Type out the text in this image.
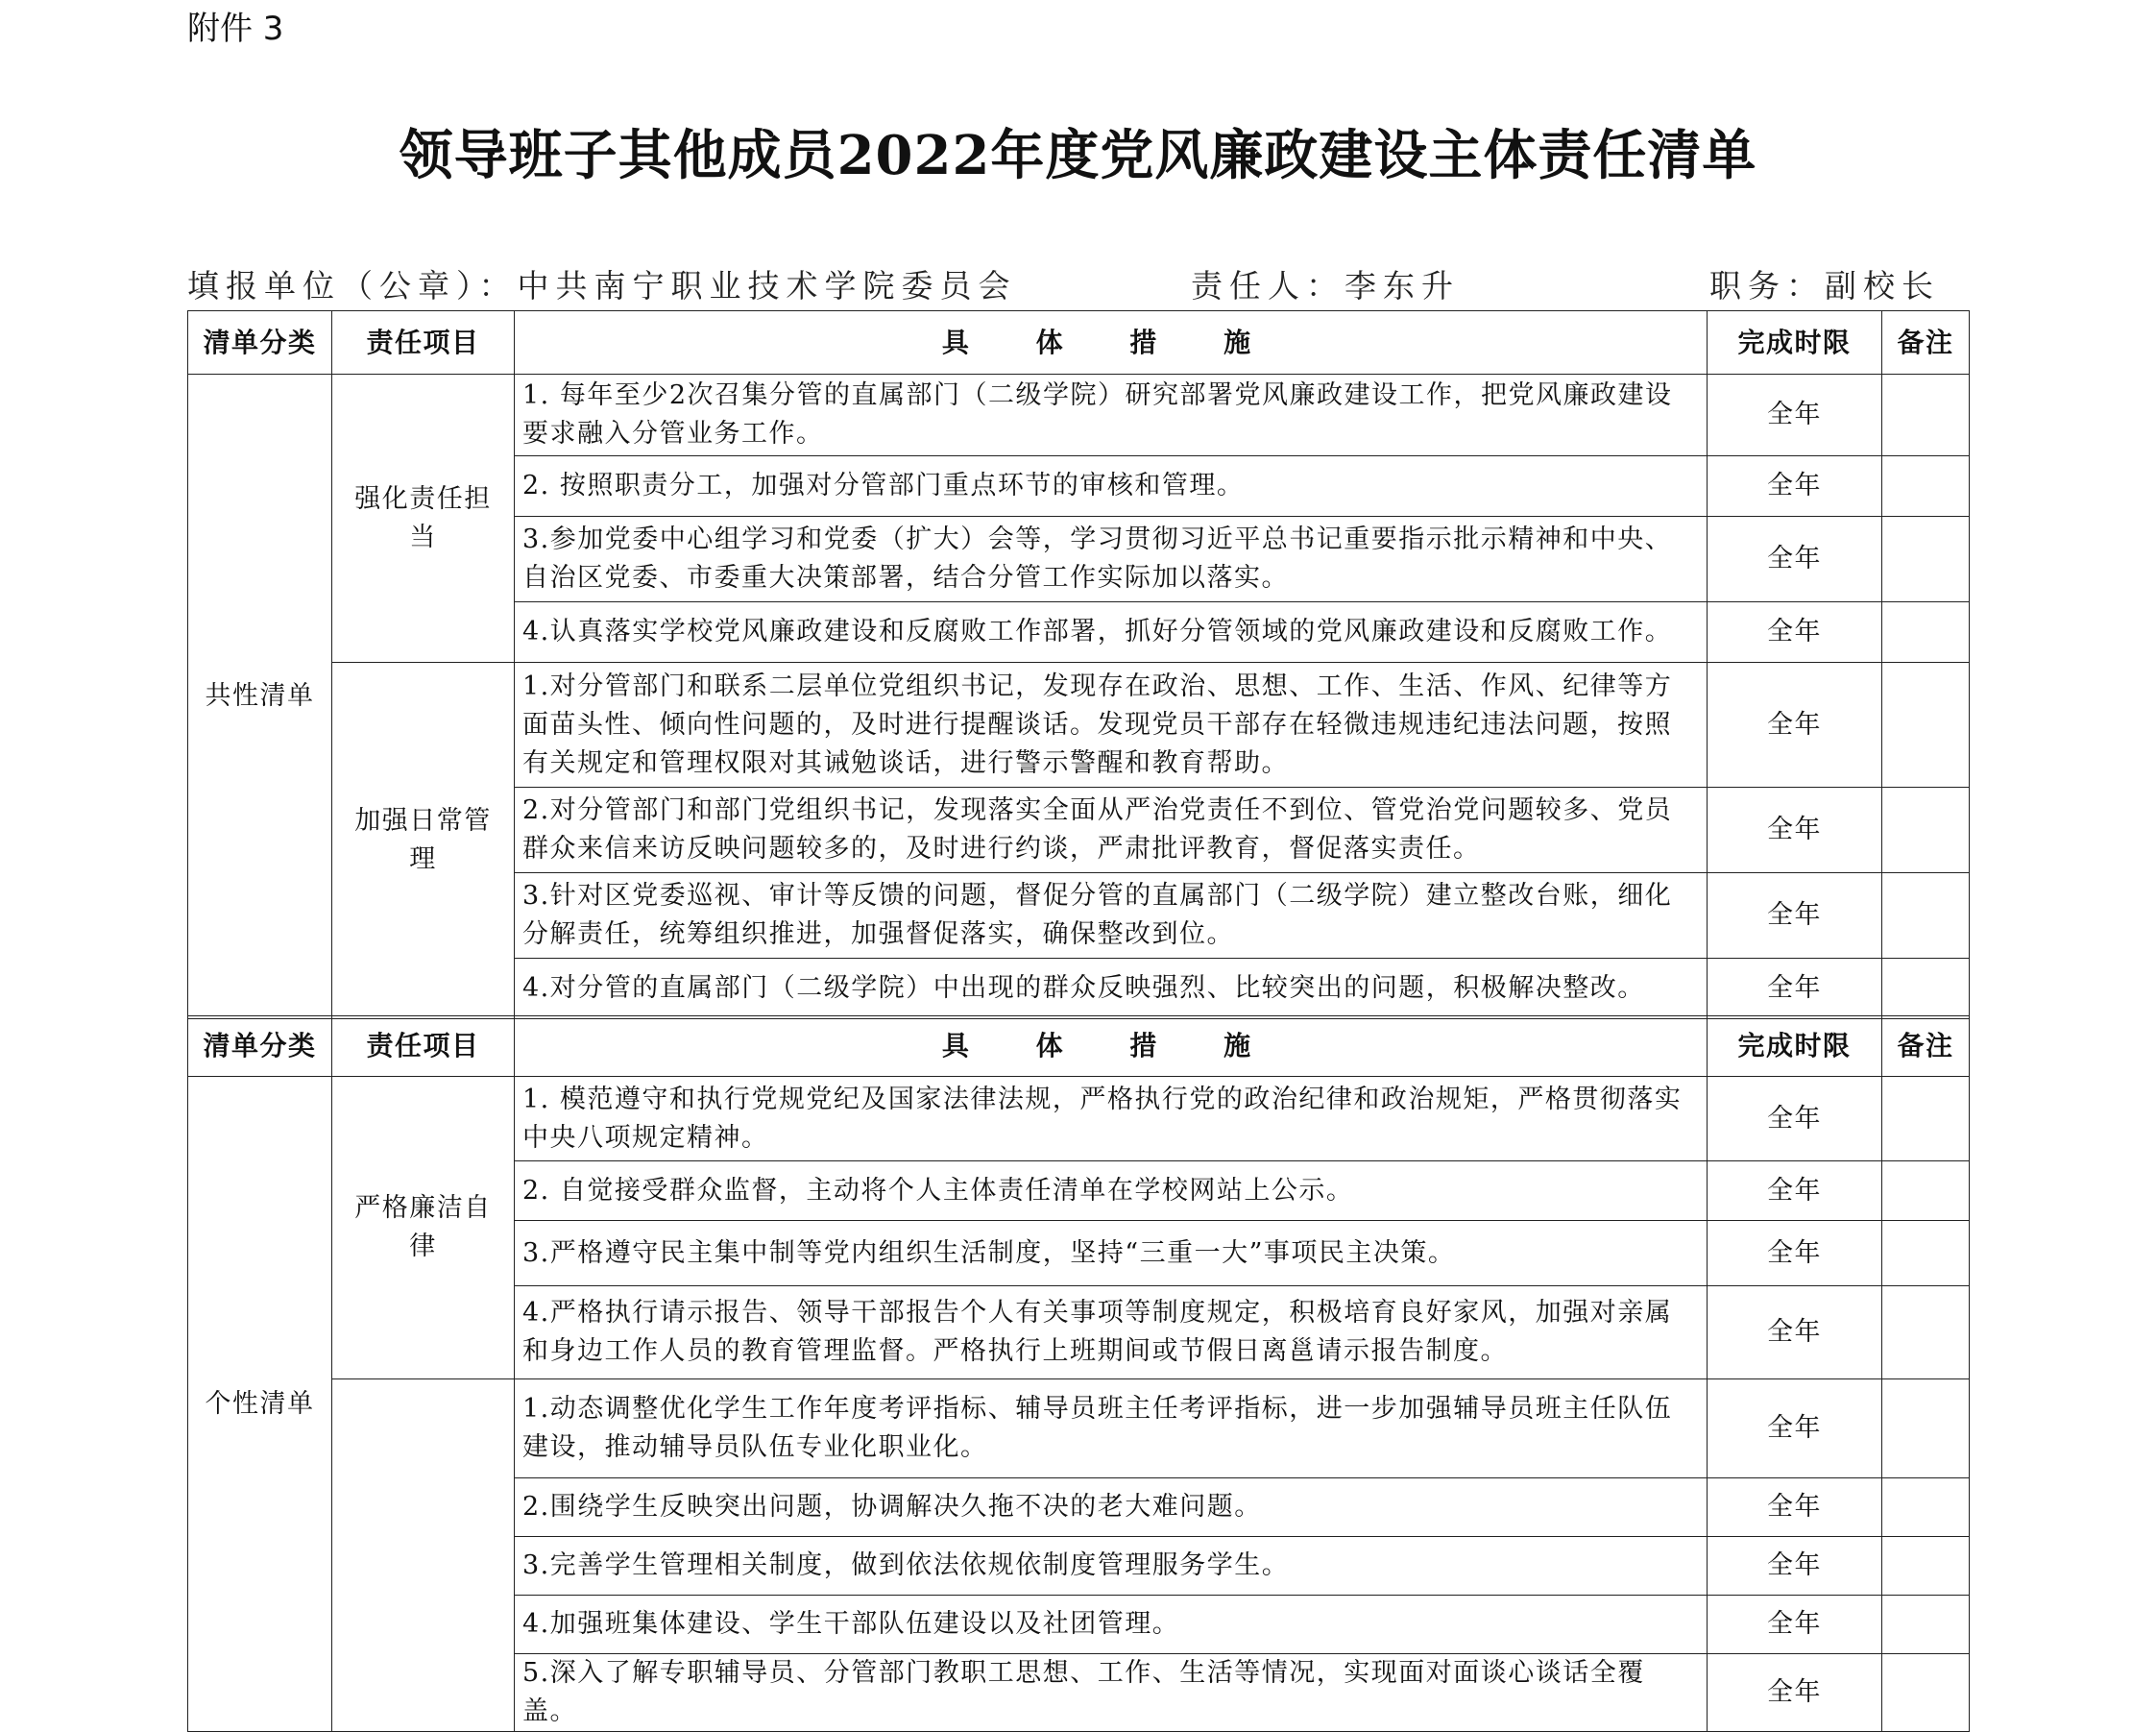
附件 3
领导班子其他成员2022年度党风廉政建设主体责任清单
填报单位（公章）：中共南宁职业技术学院委员会	责任人：李东升	职务：副校长
清单分类	责任项目	具 体 措 施	完成时限	备注
共性清单	强化责任担当	1. 每年至少2次召集分管的直属部门（二级学院）研究部署党风廉政建设工作，把党风廉政建设要求融入分管业务工作。	全年	
		2. 按照职责分工，加强对分管部门重点环节的审核和管理。	全年	
		3.参加党委中心组学习和党委（扩大）会等，学习贯彻习近平总书记重要指示批示精神和中央、自治区党委、市委重大决策部署，结合分管工作实际加以落实。	全年	
		4.认真落实学校党风廉政建设和反腐败工作部署，抓好分管领域的党风廉政建设和反腐败工作。	全年	
	加强日常管理	1.对分管部门和联系二层单位党组织书记，发现存在政治、思想、工作、生活、作风、纪律等方面苗头性、倾向性问题的，及时进行提醒谈话。发现党员干部存在轻微违规违纪违法问题，按照有关规定和管理权限对其诫勉谈话，进行警示警醒和教育帮助。	全年	
		2.对分管部门和部门党组织书记，发现落实全面从严治党责任不到位、管党治党问题较多、党员群众来信来访反映问题较多的，及时进行约谈，严肃批评教育，督促落实责任。	全年	
		3.针对区党委巡视、审计等反馈的问题，督促分管的直属部门（二级学院）建立整改台账，细化分解责任，统筹组织推进，加强督促落实，确保整改到位。	全年	
		4.对分管的直属部门（二级学院）中出现的群众反映强烈、比较突出的问题，积极解决整改。	全年	
清单分类	责任项目	具 体 措 施	完成时限	备注
个性清单	严格廉洁自律	1. 模范遵守和执行党规党纪及国家法律法规，严格执行党的政治纪律和政治规矩，严格贯彻落实中央八项规定精神。	全年	
		2. 自觉接受群众监督，主动将个人主体责任清单在学校网站上公示。	全年	
		3.严格遵守民主集中制等党内组织生活制度，坚持“三重一大”事项民主决策。	全年	
		4.严格执行请示报告、领导干部报告个人有关事项等制度规定，积极培育良好家风，加强对亲属和身边工作人员的教育管理监督。严格执行上班期间或节假日离邕请示报告制度。	全年	
		1.动态调整优化学生工作年度考评指标、辅导员班主任考评指标，进一步加强辅导员班主任队伍建设，推动辅导员队伍专业化职业化。	全年	
		2.围绕学生反映突出问题，协调解决久拖不决的老大难问题。	全年	
		3.完善学生管理相关制度，做到依法依规依制度管理服务学生。	全年	
		4.加强班集体建设、学生干部队伍建设以及社团管理。	全年	
		5.深入了解专职辅导员、分管部门教职工思想、工作、生活等情况，实现面对面谈心谈话全覆盖。	全年	
